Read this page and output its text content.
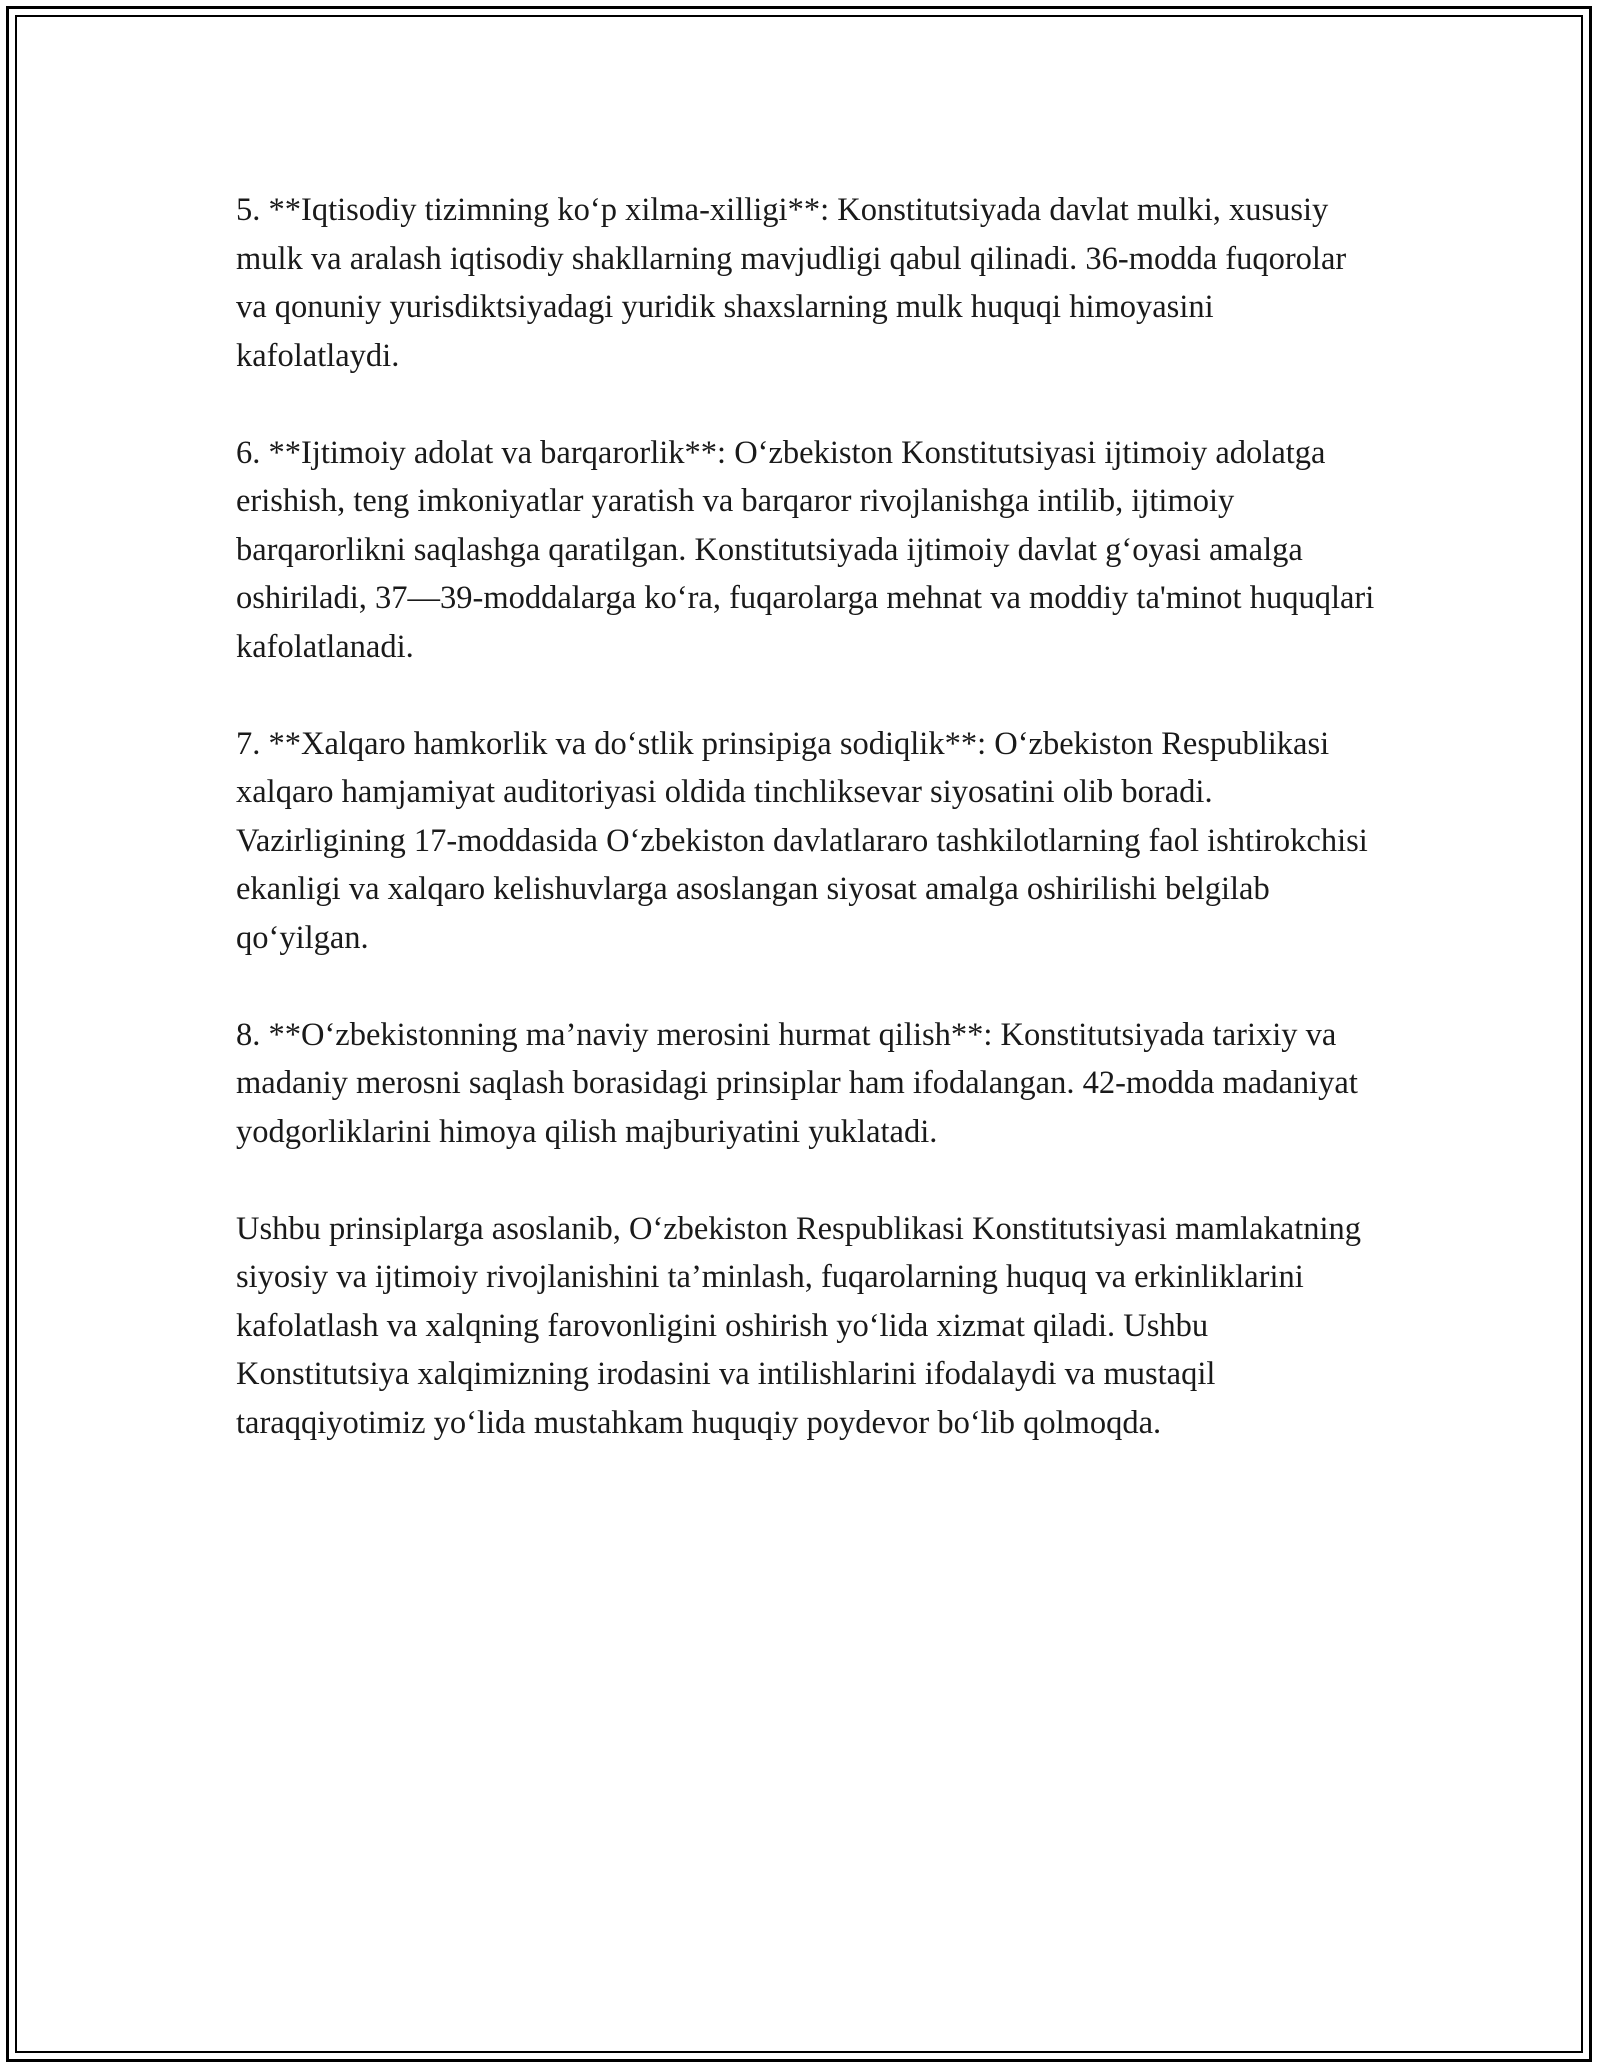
5. **Iqtisodiy tizimning ko‘p xilma-xilligi**: Konstitutsiyada davlat mulki, xususiy mulk va aralash iqtisodiy shakllarning mavjudligi qabul qilinadi. 36-modda fuqorolar va qonuniy yurisdiktsiyadagi yuridik shaxslarning mulk huquqi himoyasini kafolatlaydi.

6. **Ijtimoiy adolat va barqarorlik**: O‘zbekiston Konstitutsiyasi ijtimoiy adolatga erishish, teng imkoniyatlar yaratish va barqaror rivojlanishga intilib, ijtimoiy barqarorlikni saqlashga qaratilgan. Konstitutsiyada ijtimoiy davlat g‘oyasi amalga oshiriladi, 37—39-moddalarga ko‘ra, fuqarolarga mehnat va moddiy ta'minot huquqlari kafolatlanadi.

7. **Xalqaro hamkorlik va do‘stlik prinsipiga sodiqlik**: O‘zbekiston Respublikasi xalqaro hamjamiyat auditoriyasi oldida tinchliksevar siyosatini olib boradi. Vazirligining 17-moddasida O‘zbekiston davlatlararo tashkilotlarning faol ishtirokchisi ekanligi va xalqaro kelishuvlarga asoslangan siyosat amalga oshirilishi belgilab qo‘yilgan.

8. **O‘zbekistonning ma’naviy merosini hurmat qilish**: Konstitutsiyada tarixiy va madaniy merosni saqlash borasidagi prinsiplar ham ifodalangan. 42-modda madaniyat yodgorliklarini himoya qilish majburiyatini yuklatadi.

Ushbu prinsiplarga asoslanib, O‘zbekiston Respublikasi Konstitutsiyasi mamlakatning siyosiy va ijtimoiy rivojlanishini ta’minlash, fuqarolarning huquq va erkinliklarini kafolatlash va xalqning farovonligini oshirish yo‘lida xizmat qiladi. Ushbu Konstitutsiya xalqimizning irodasini va intilishlarini ifodalaydi va mustaqil taraqqiyotimiz yo‘lida mustahkam huquqiy poydevor bo‘lib qolmoqda.
